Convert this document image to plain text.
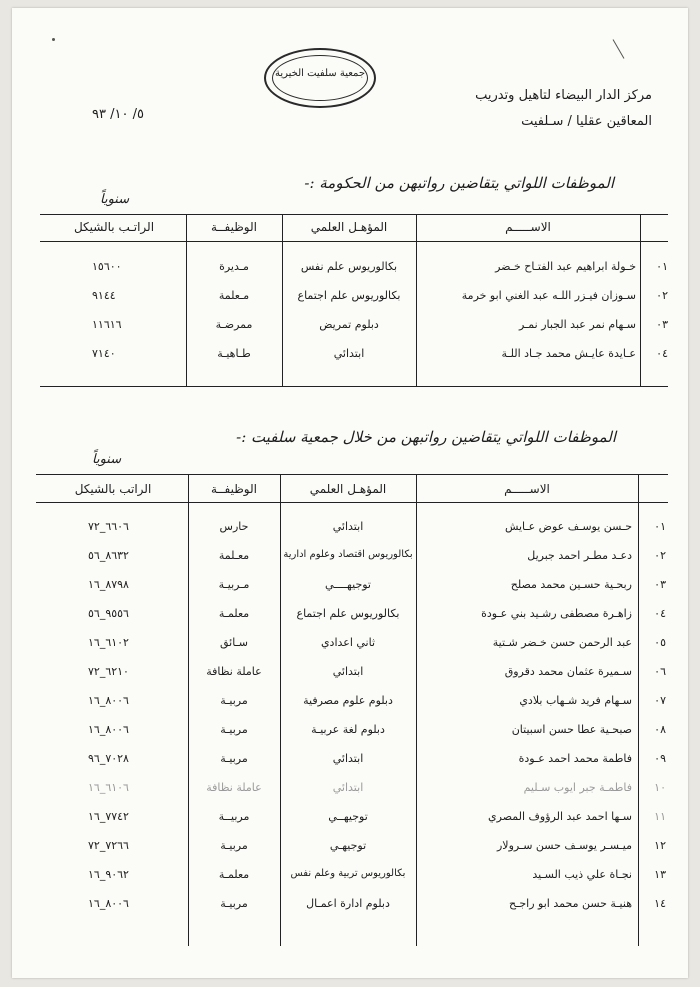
جمعية سلفيت الخيرية
مركز الدار البيضاء لتاهيل وتدريب
المعاقين عقليا / سـلفيت
٥/ ١٠/ ٩٣
الموظفات اللواتي يتقاضين رواتبهن من الحكومة :-
سنوياً
الاســـــم
المؤهـل العلمي
الوظيفــة
الراتـب بالشيكل
٠١
خـولة ابراهيم عبد الفتـاح خـضر
بكالوريوس علم نفس
مـديرة
١٥٦٠٠
٠٢
سـوزان فيـزر اللـه عبد الغني ابو خرمة
بكالوريوس علم اجتماع
مـعلمة
٩١٤٤
٠٣
سـهام نمر عبد الجبار نمـر
دبلوم تمريض
ممرضـة
١١٦١٦
٠٤
عـايدة عايـش محمد جـاد اللـة
ابتدائي
طـاهيـة
٧١٤٠
الموظفات اللواتي يتقاضين رواتبهن من خلال جمعية سلفيت :-
سنوياً
الاســـــم
المؤهـل العلمي
الوظيفــة
الراتب بالشيكل
٠١
حـسن يوسـف عوض عـايش
ابتدائي
حارس
٦٦٠٦_٧٢
٠٢
دعـد مطـر احمد جبريل
بكالوريوس اقتصاد وعلوم ادارية
معـلمة
٨٦٣٢_٥٦
٠٣
ربحـية حسـين محمد مصلح
توجيهــــي
مـربيـة
٨٧٩٨_١٦
٠٤
زاهـرة مصطفى رشـيد بني عـودة
بكالوريوس علم اجتماع
معلمـة
٩٥٥٦_٥٦
٠٥
عبد الرحمن حسن خـضر شـتية
ثاني اعدادي
سـائق
٦١٠٢_١٦
٠٦
سـميرة عثمان محمد دقروق
ابتدائي
عاملة نظافة
٦٢١٠_٧٢
٠٧
سـهام فريد شـهاب بلادي
دبلوم علوم مصرفية
مربيـة
٨٠٠٦_١٦
٠٨
صبحـية عطا حسن اسبيتان
دبلوم لغة عربيـة
مربيـة
٨٠٠٦_١٦
٠٩
فاطمة محمد احمد عـودة
ابتدائي
مربيـة
٧٠٢٨_٩٦
١٠
فاطمـة جبر ايوب سـليم
ابتدائي
عاملة نظافة
٦١٠٦_١٦
١١
سـها احمد عبد الرؤوف المصري
توجيهــي
مربيــة
٧٧٤٢_١٦
١٢
ميـسـر يوسـف حسن سـرولار
توجيهـي
مربيـة
٧٢٦٦_٧٢
١٣
نجـاة علي ذيب السـيد
بكالوريوس تربية وعلم نفس
معلمـة
٩٠٦٢_١٦
١٤
هنيـة حسن محمد ابو راجـح
دبلوم ادارة اعمـال
مربيـة
٨٠٠٦_١٦
